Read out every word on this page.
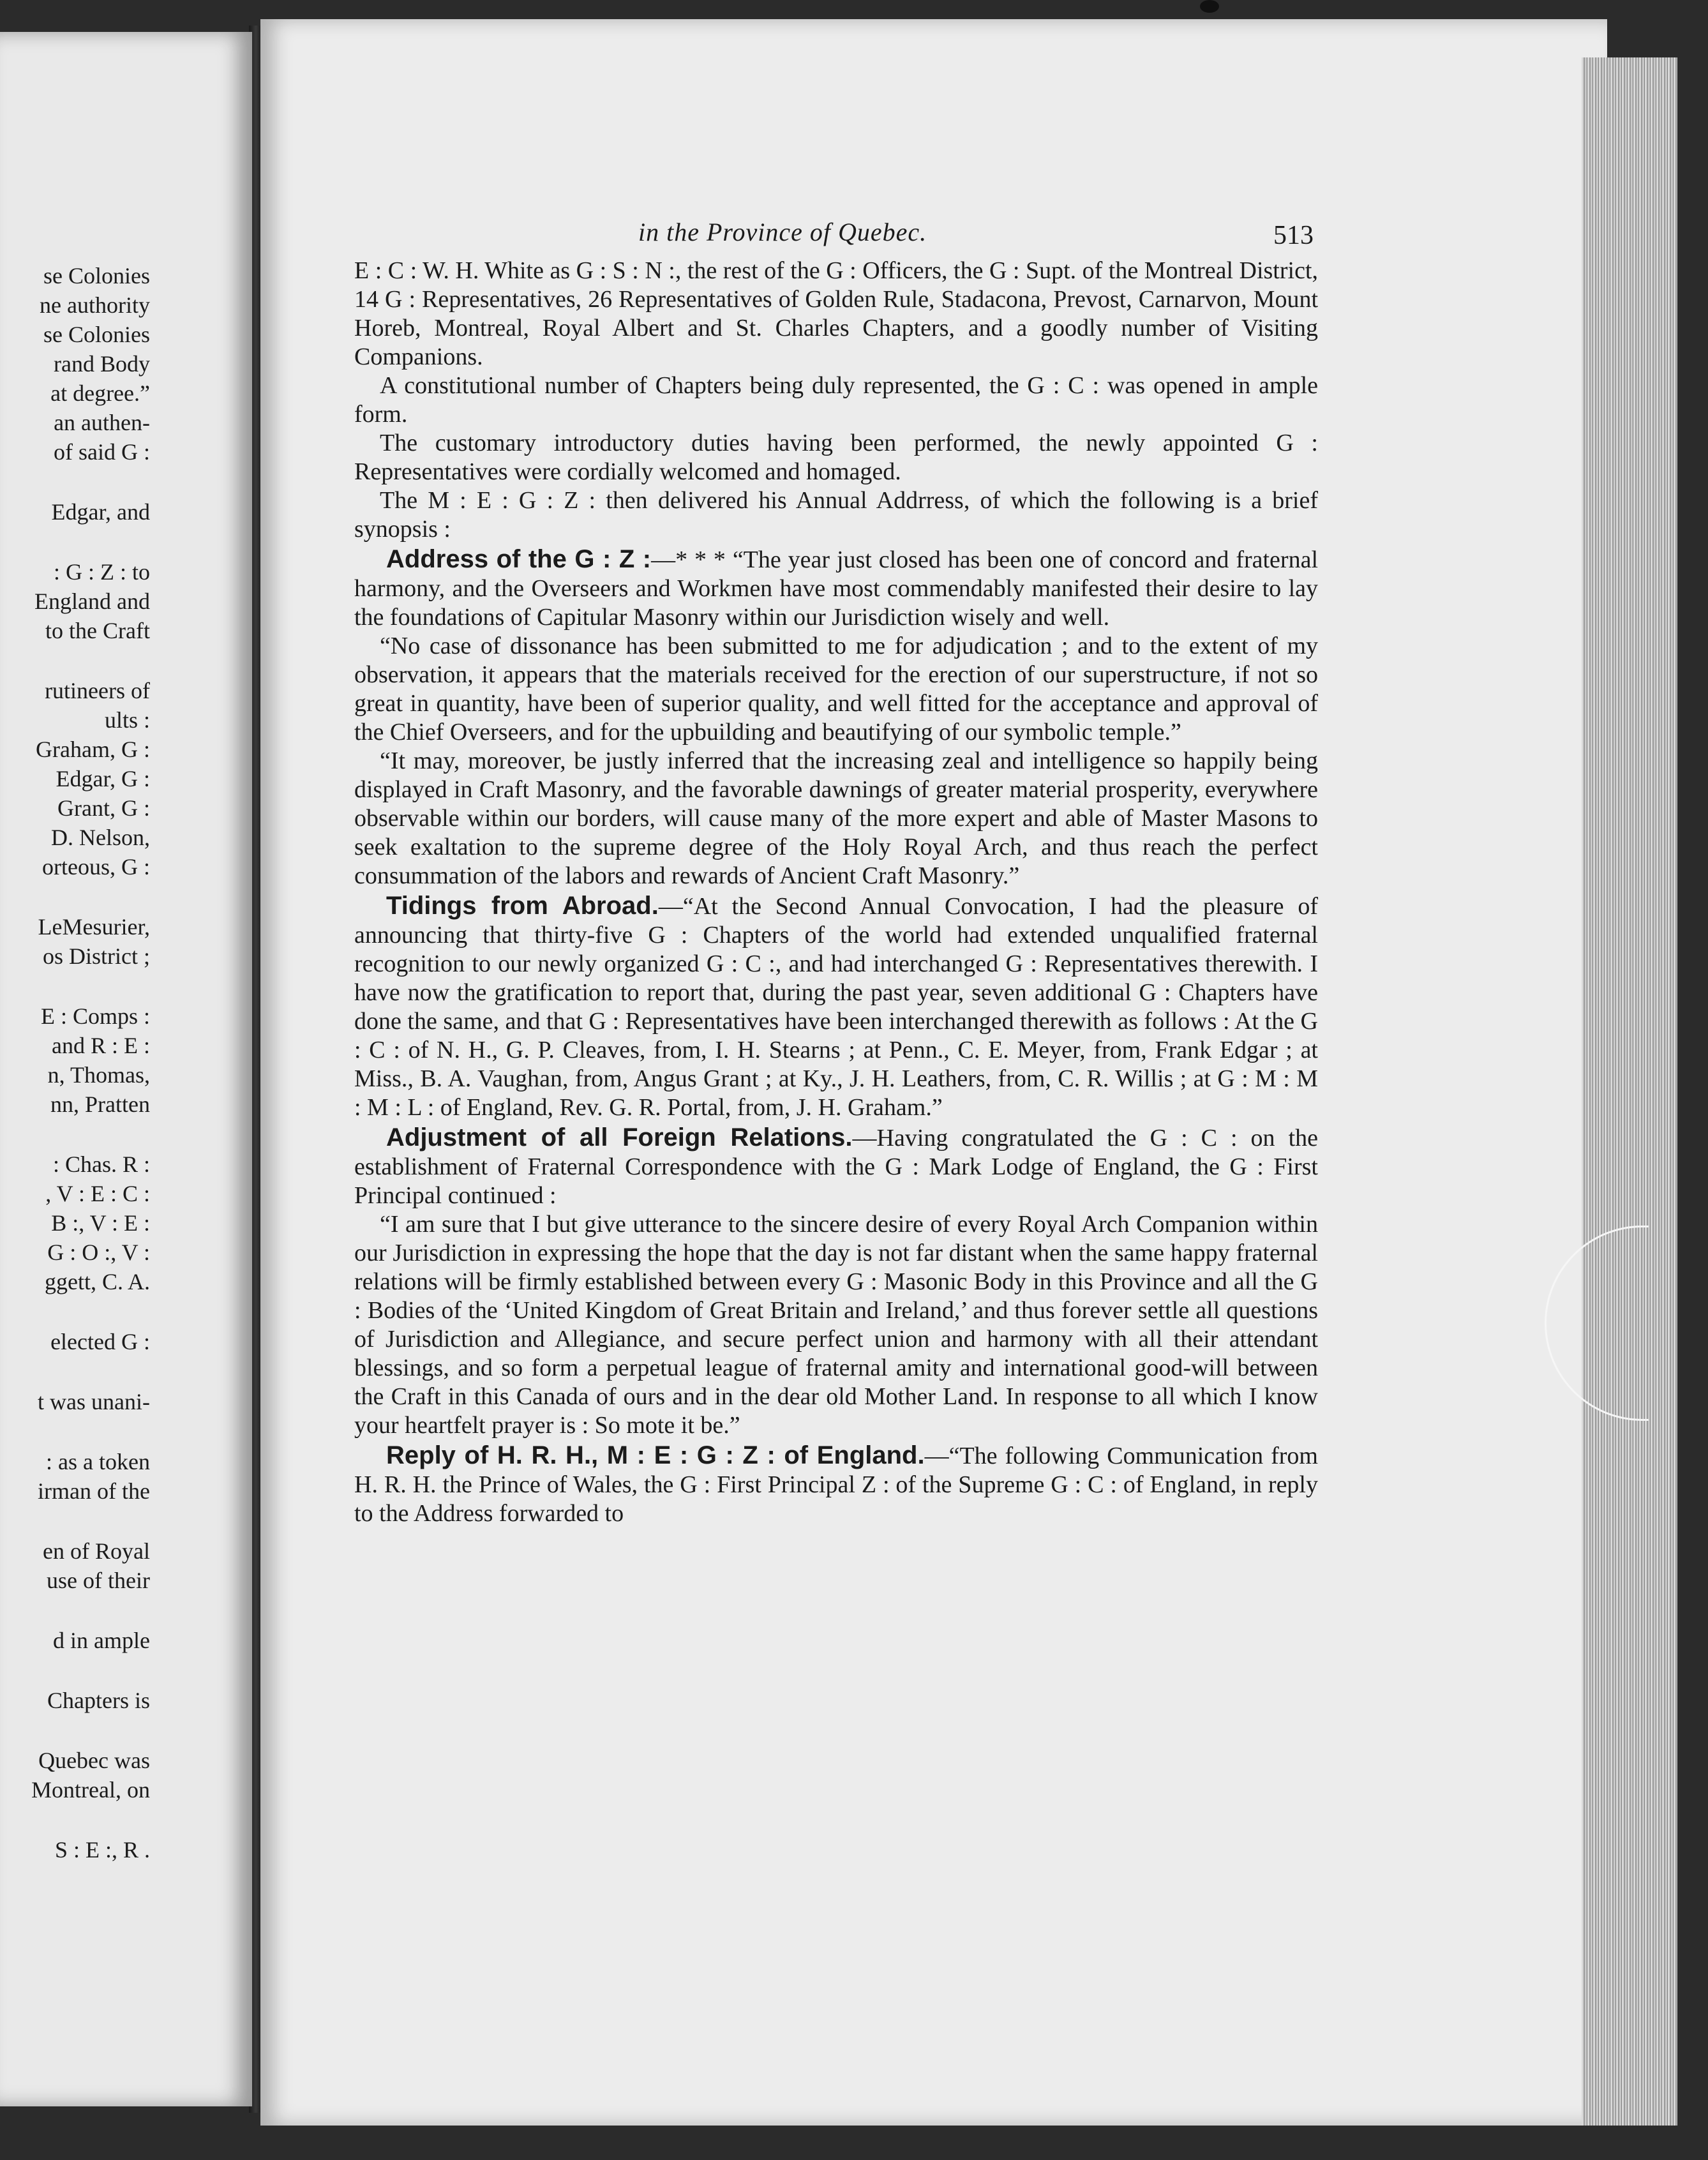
se Colonies
ne authority
se Colonies
rand Body
at degree.”
an authen-
of said G :
Edgar, and
: G : Z : to
England and
to the Craft
rutineers of
ults :
Graham, G :
Edgar, G :
Grant, G :
D. Nelson,
orteous, G :
LeMesurier,
os District ;
E : Comps :
and R : E :
n, Thomas,
nn, Pratten
: Chas. R :
, V : E : C :
B :, V : E :
G : O :, V :
ggett, C. A.
elected G :
t was unani-
: as a token
irman of the
en of Royal
use of their
d in ample
Chapters is
Quebec was
Montreal, on
S : E :, R .
in the Province of Quebec.	513

E : C : W. H. White as G : S : N :, the rest of the G : Officers, the G : Supt. of the Montreal District, 14 G : Representatives, 26 Representatives of Golden Rule, Stadacona, Prevost, Carnarvon, Mount Horeb, Montreal, Royal Albert and St. Charles Chapters, and a goodly number of Visiting Companions.

A constitutional number of Chapters being duly represented, the G : C : was opened in ample form.

The customary introductory duties having been performed, the newly appointed G : Representatives were cordially welcomed and homaged.

The M : E : G : Z : then delivered his Annual Addrress, of which the following is a brief synopsis :

Address of the G : Z :—* * * “The year just closed has been one of concord and fraternal harmony, and the Overseers and Workmen have most commendably manifested their desire to lay the foundations of Capitular Masonry within our Jurisdiction wisely and well.

“No case of dissonance has been submitted to me for adjudication ; and to the extent of my observation, it appears that the materials received for the erection of our superstructure, if not so great in quantity, have been of superior quality, and well fitted for the acceptance and approval of the Chief Overseers, and for the upbuilding and beautifying of our symbolic temple.”

“It may, moreover, be justly inferred that the increasing zeal and intelligence so happily being displayed in Craft Masonry, and the favorable dawnings of greater material prosperity, everywhere observable within our borders, will cause many of the more expert and able of Master Masons to seek exaltation to the supreme degree of the Holy Royal Arch, and thus reach the perfect consummation of the labors and rewards of Ancient Craft Masonry.”

Tidings from Abroad.—“At the Second Annual Convocation, I had the pleasure of announcing that thirty-five G : Chapters of the world had extended unqualified fraternal recognition to our newly organized G : C :, and had interchanged G : Representatives therewith. I have now the gratification to report that, during the past year, seven additional G : Chapters have done the same, and that G : Representatives have been interchanged therewith as follows : At the G : C : of N. H., G. P. Cleaves, from, I. H. Stearns ; at Penn., C. E. Meyer, from, Frank Edgar ; at Miss., B. A. Vaughan, from, Angus Grant ; at Ky., J. H. Leathers, from, C. R. Willis ; at G : M : M : M : L : of England, Rev. G. R. Portal, from, J. H. Graham.”

Adjustment of all Foreign Relations.—Having congratulated the G : C : on the establishment of Fraternal Correspondence with the G : Mark Lodge of England, the G : First Principal continued :

“I am sure that I but give utterance to the sincere desire of every Royal Arch Companion within our Jurisdiction in expressing the hope that the day is not far distant when the same happy fraternal relations will be firmly established between every G : Masonic Body in this Province and all the G : Bodies of the ‘United Kingdom of Great Britain and Ireland,’ and thus forever settle all questions of Jurisdiction and Allegiance, and secure perfect union and harmony with all their attendant blessings, and so form a perpetual league of fraternal amity and international good-will between the Craft in this Canada of ours and in the dear old Mother Land. In response to all which I know your heartfelt prayer is : So mote it be.”

Reply of H. R. H., M : E : G : Z : of England.—“The following Communication from H. R. H. the Prince of Wales, the G : First Principal Z : of the Supreme G : C : of England, in reply to the Address forwarded to
